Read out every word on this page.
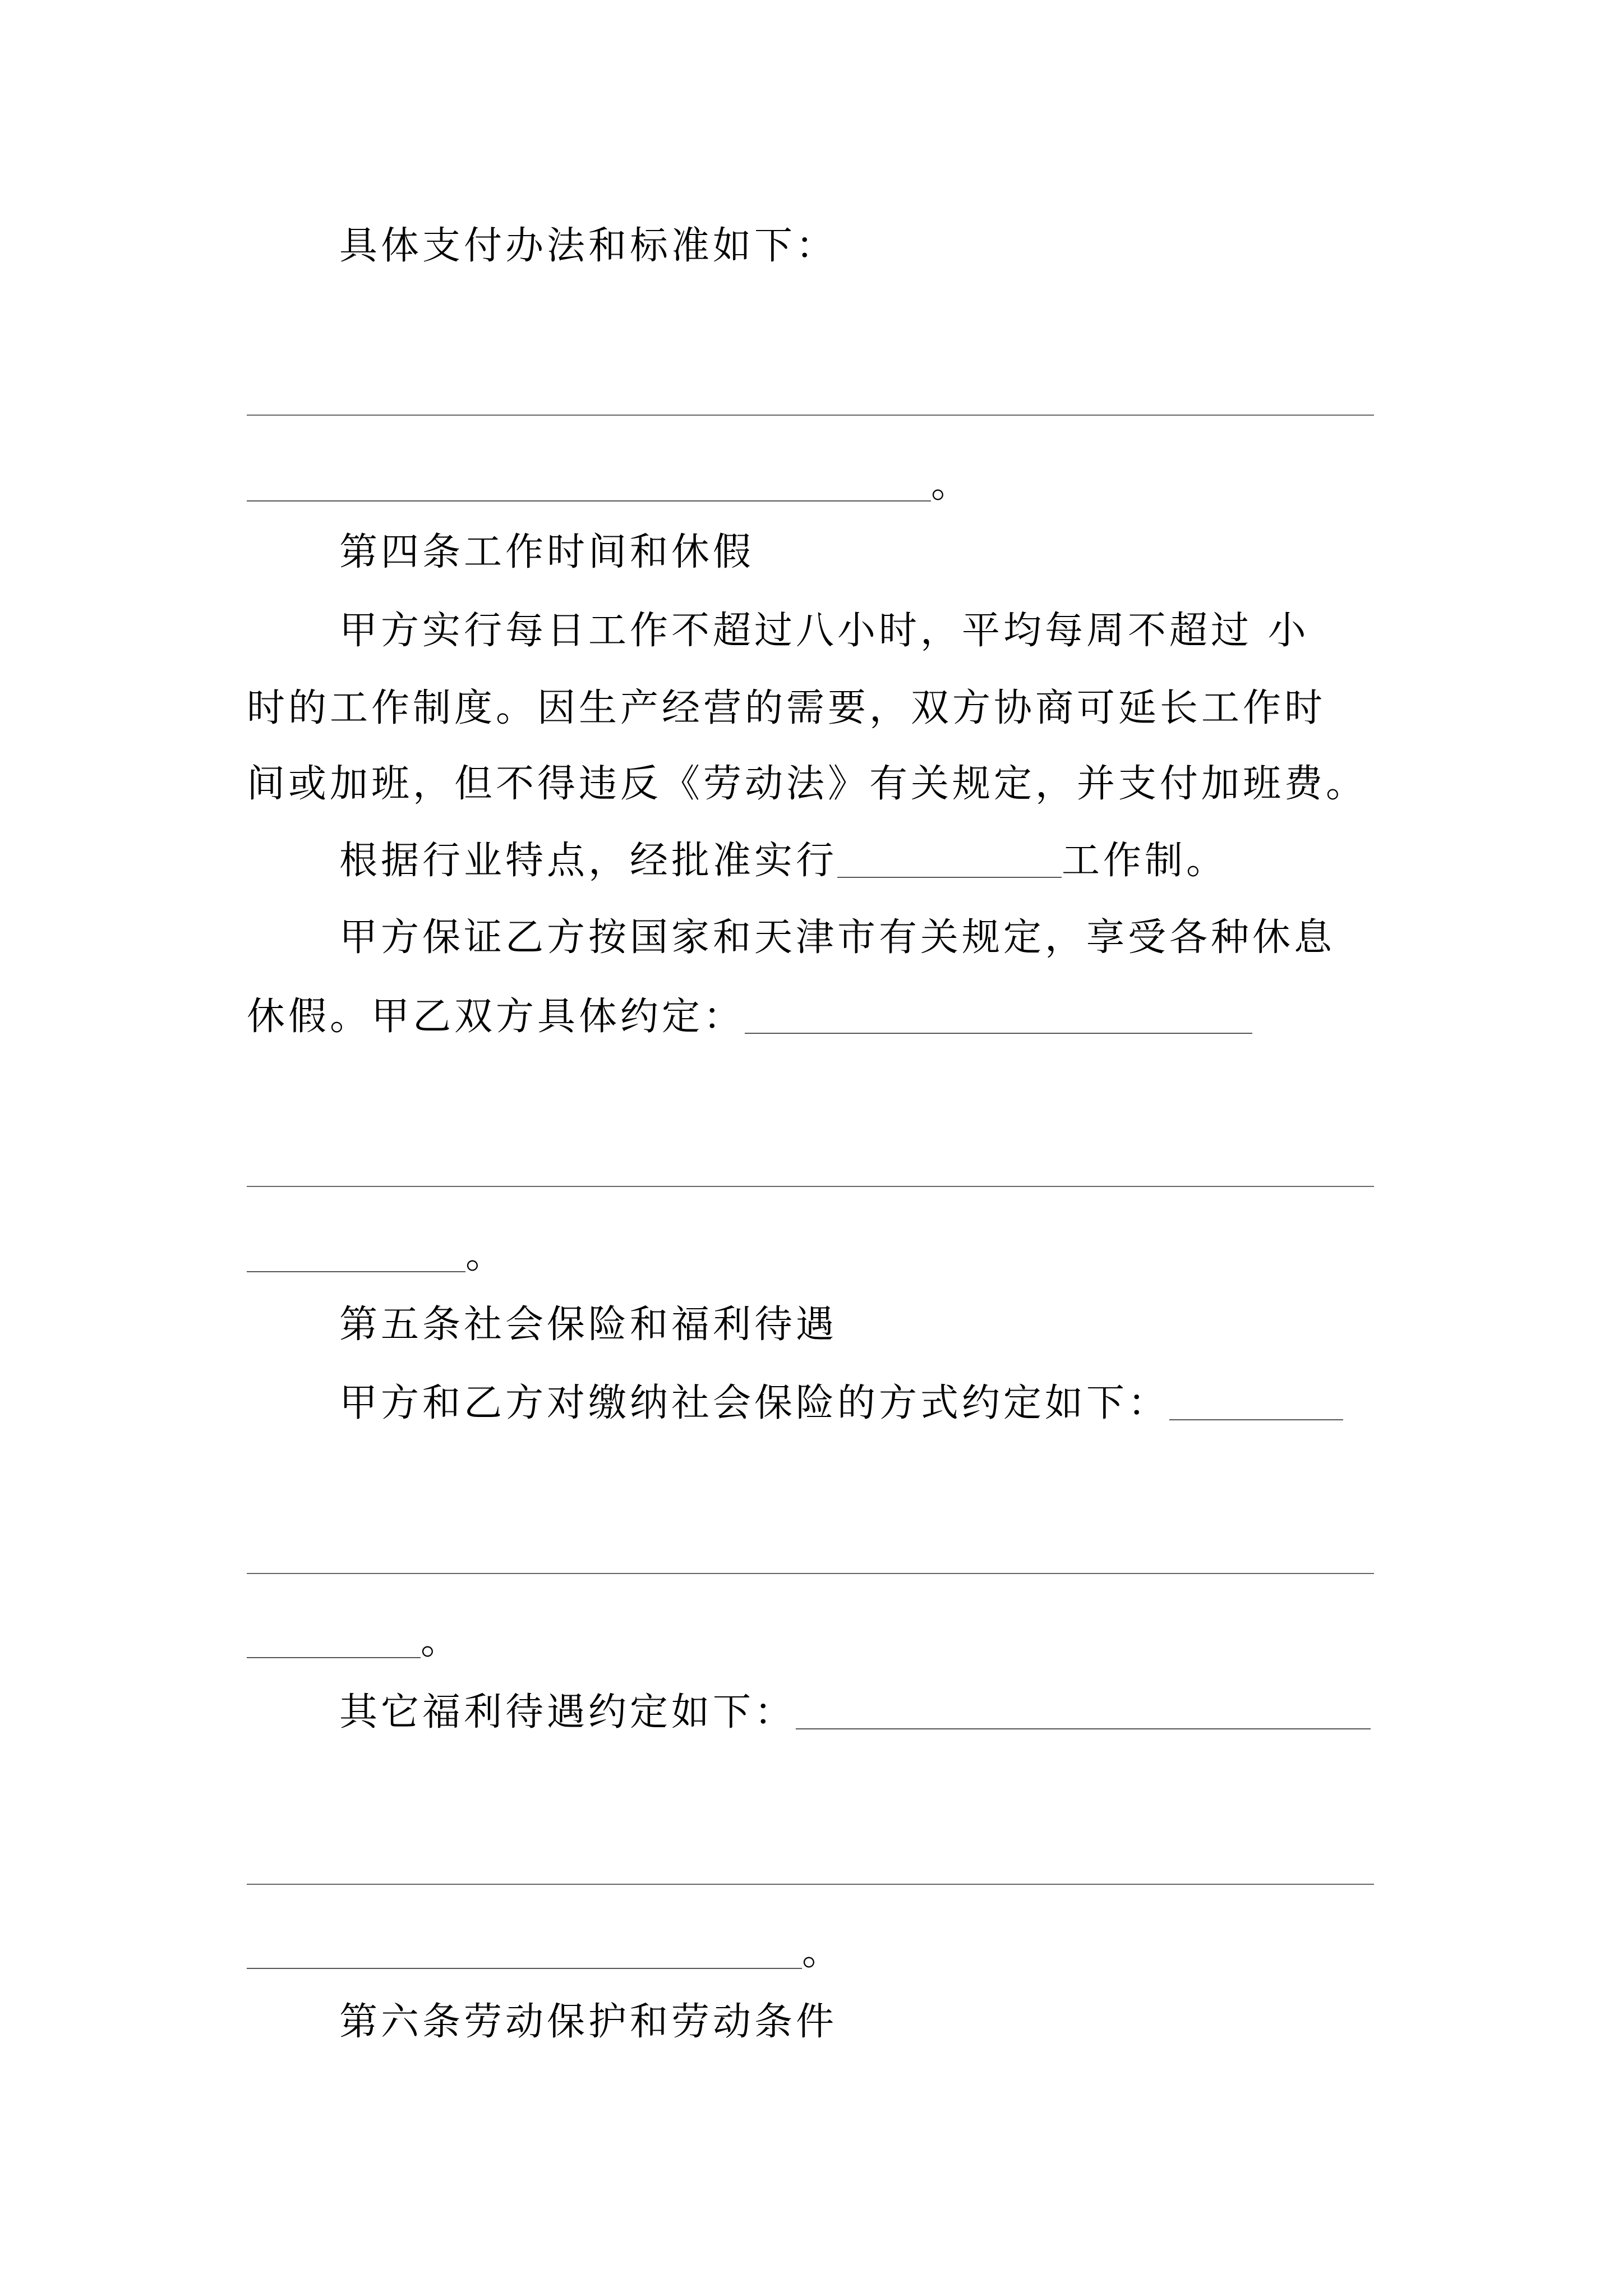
具体支付办法和标准如下：
。
第四条工作时间和休假
甲方实行每日工作不超过八小时，平均每周不超过 小
时的工作制度。因生产经营的需要，双方协商可延长工作时
间或加班，但不得违反《劳动法》有关规定，并支付加班费。
根据行业特点，经批准实行	工作制。
甲方保证乙方按国家和天津市有关规定，享受各种休息
休假。甲乙双方具体约定：
。
第五条社会保险和福利待遇
甲方和乙方对缴纳社会保险的方式约定如下：
。
其它福利待遇约定如下：
。
第六条劳动保护和劳动条件
